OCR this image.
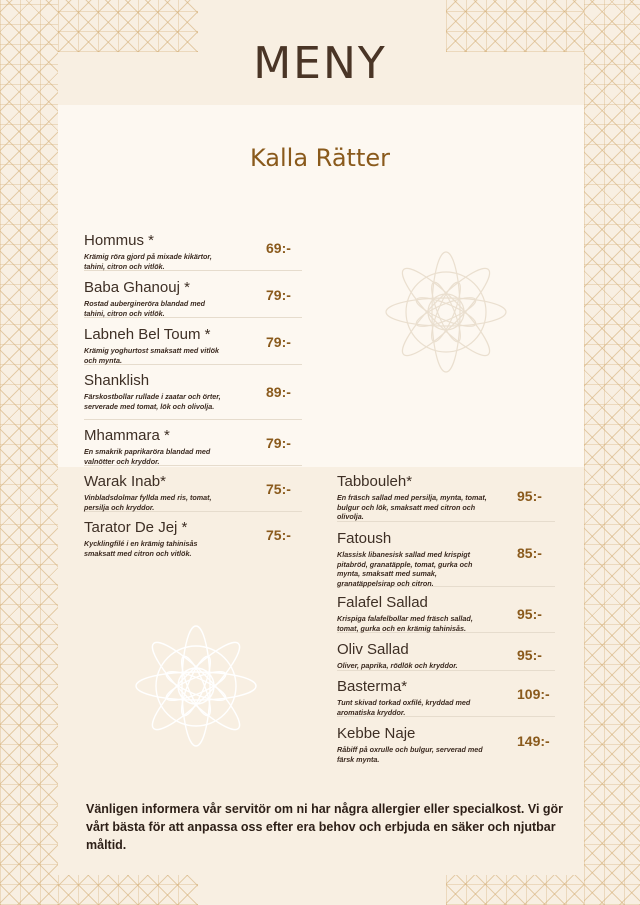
MENY
Kalla Rätter
Hommus *
Krämig röra gjord på mixade kikärtor, tahini, citron och vitlök.
69:-
Baba Ghanouj *
Rostad auberginеröra blandad med tahini, citron och vitlök.
79:-
Labneh Bel Toum *
Krämig yoghurtost smaksatt med vitlök och mynta.
79:-
Shanklish
Färskostbollar rullade i zaatar och örter, serverade med tomat, lök och olivolja.
89:-
Mhammara *
En smakrik paprikaröra blandad med valnötter och kryddor.
79:-
Warak Inab*
Vinbladsdolmar fyllda med ris, tomat, persilja och kryddor.
75:-
Tarator De Jej *
Kycklingfilé i en krämig tahinisås smaksatt med citron och vitlök.
75:-
Tabbouleh*
En fräsch sallad med persilja, mynta, tomat, bulgur och lök, smaksatt med citron och olivolja.
95:-
Fatoush
Klassisk libanesisk sallad med krispigt pitabröd, granatäpple, tomat, gurka och mynta, smaksatt med sumak, granatäppelsirap och citron.
85:-
Falafel Sallad
Krispiga falafelbollar med fräsch sallad, tomat, gurka och en krämig tahinisås.
95:-
Oliv Sallad
Oliver, paprika, rödlök och kryddor.
95:-
Basterma*
Tunt skivad torkad oxfilé, kryddad med aromatiska kryddor.
109:-
Kebbe Naje
Råbiff på oxrulle och bulgur, serverad med färsk mynta.
149:-

Vänligen informera vår servitör om ni har några allergier eller specialkost. Vi gör vårt bästa för att anpassa oss efter era behov och erbjuda en säker och njutbar måltid.
